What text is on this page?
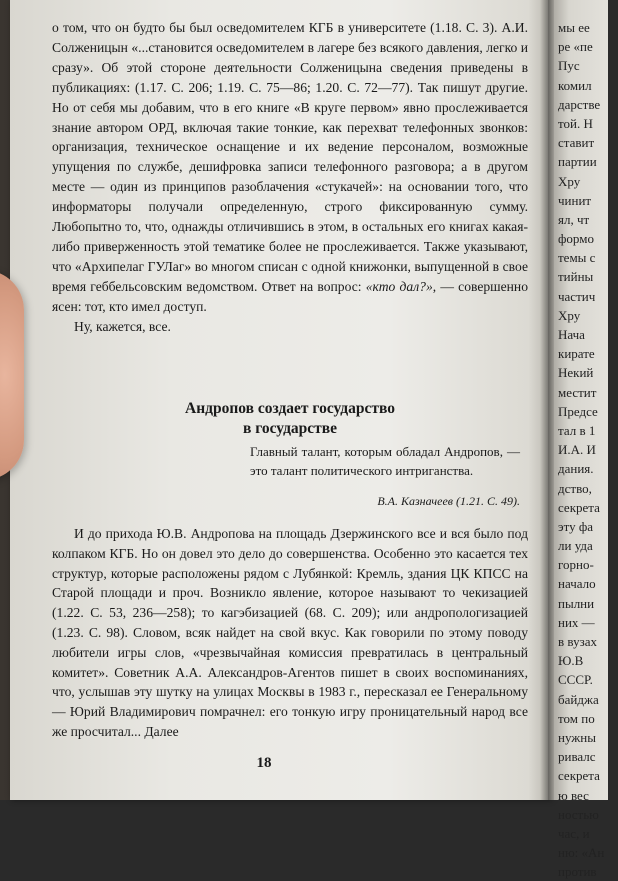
мы ее
ре «пе
Пус
комил
дарстве
той. Н
ставит
партии
Хру
чинит
ял, чт
формо
темы с
тийны
частич
Хру
Нача
кирате
Некий
местит
Предсе
тал в 1
И.А. И
дания.
дство,
секрета
эту фа
ли уда
горно-
начало
пылни
них —
в вузах
Ю.В
СССР.
байджа
том по
нужны
ривалс
секрета
ю вес
ностью
час, и
ню: «Ан
против

о том, что он будто бы был осведомителем КГБ в университете (1.18. С. 3). А.И. Солженицын «...становится осведомителем в лагере без всякого давления, легко и сразу». Об этой стороне деятельности Солженицына сведения приведены в публикациях: (1.17. С. 206; 1.19. С. 75—86; 1.20. С. 72—77). Так пишут другие. Но от себя мы добавим, что в его книге «В круге первом» явно прослеживается знание автором ОРД, включая такие тонкие, как перехват телефонных звонков: организация, техническое оснащение и их ведение персоналом, возможные упущения по службе, дешифровка записи телефонного разговора; а в другом месте — один из принципов разоблачения «стукачей»: на основании того, что информаторы получали определенную, строго фиксированную сумму. Любопытно то, что, однажды отличившись в этом, в остальных его книгах какая-либо приверженность этой тематике более не прослеживается. Также указывают, что «Архипелаг ГУЛаг» во многом списан с одной книжонки, выпущенной в свое время геббельсовским ведомством. Ответ на вопрос: «кто дал?», — совершенно ясен: тот, кто имел доступ.

Ну, кажется, все.

Андропов создает государство
в государстве
Главный талант, которым обладал Андропов, — это талант политического интриганства.
В.А. Казначеев (1.21. С. 49).

И до прихода Ю.В. Андропова на площадь Дзержинского все и вся было под колпаком КГБ. Но он довел это дело до совершенства. Особенно это касается тех структур, которые расположены рядом с Лубянкой: Кремль, здания ЦК КПСС на Старой площади и проч. Возникло явление, которое называют то чекизацией (1.22. С. 53, 236—258); то кагэбизацией (68. С. 209); или андропологизацией (1.23. С. 98). Словом, всяк найдет на свой вкус. Как говорили по этому поводу любители игры слов, «чрезвычайная комиссия превратилась в центральный комитет». Советник А.А. Александров-Агентов пишет в своих воспоминаниях, что, услышав эту шутку на улицах Москвы в 1983 г., пересказал ее Генеральному — Юрий Владимирович помрачнел: его тонкую игру проницательный народ все же просчитал... Далее

18
